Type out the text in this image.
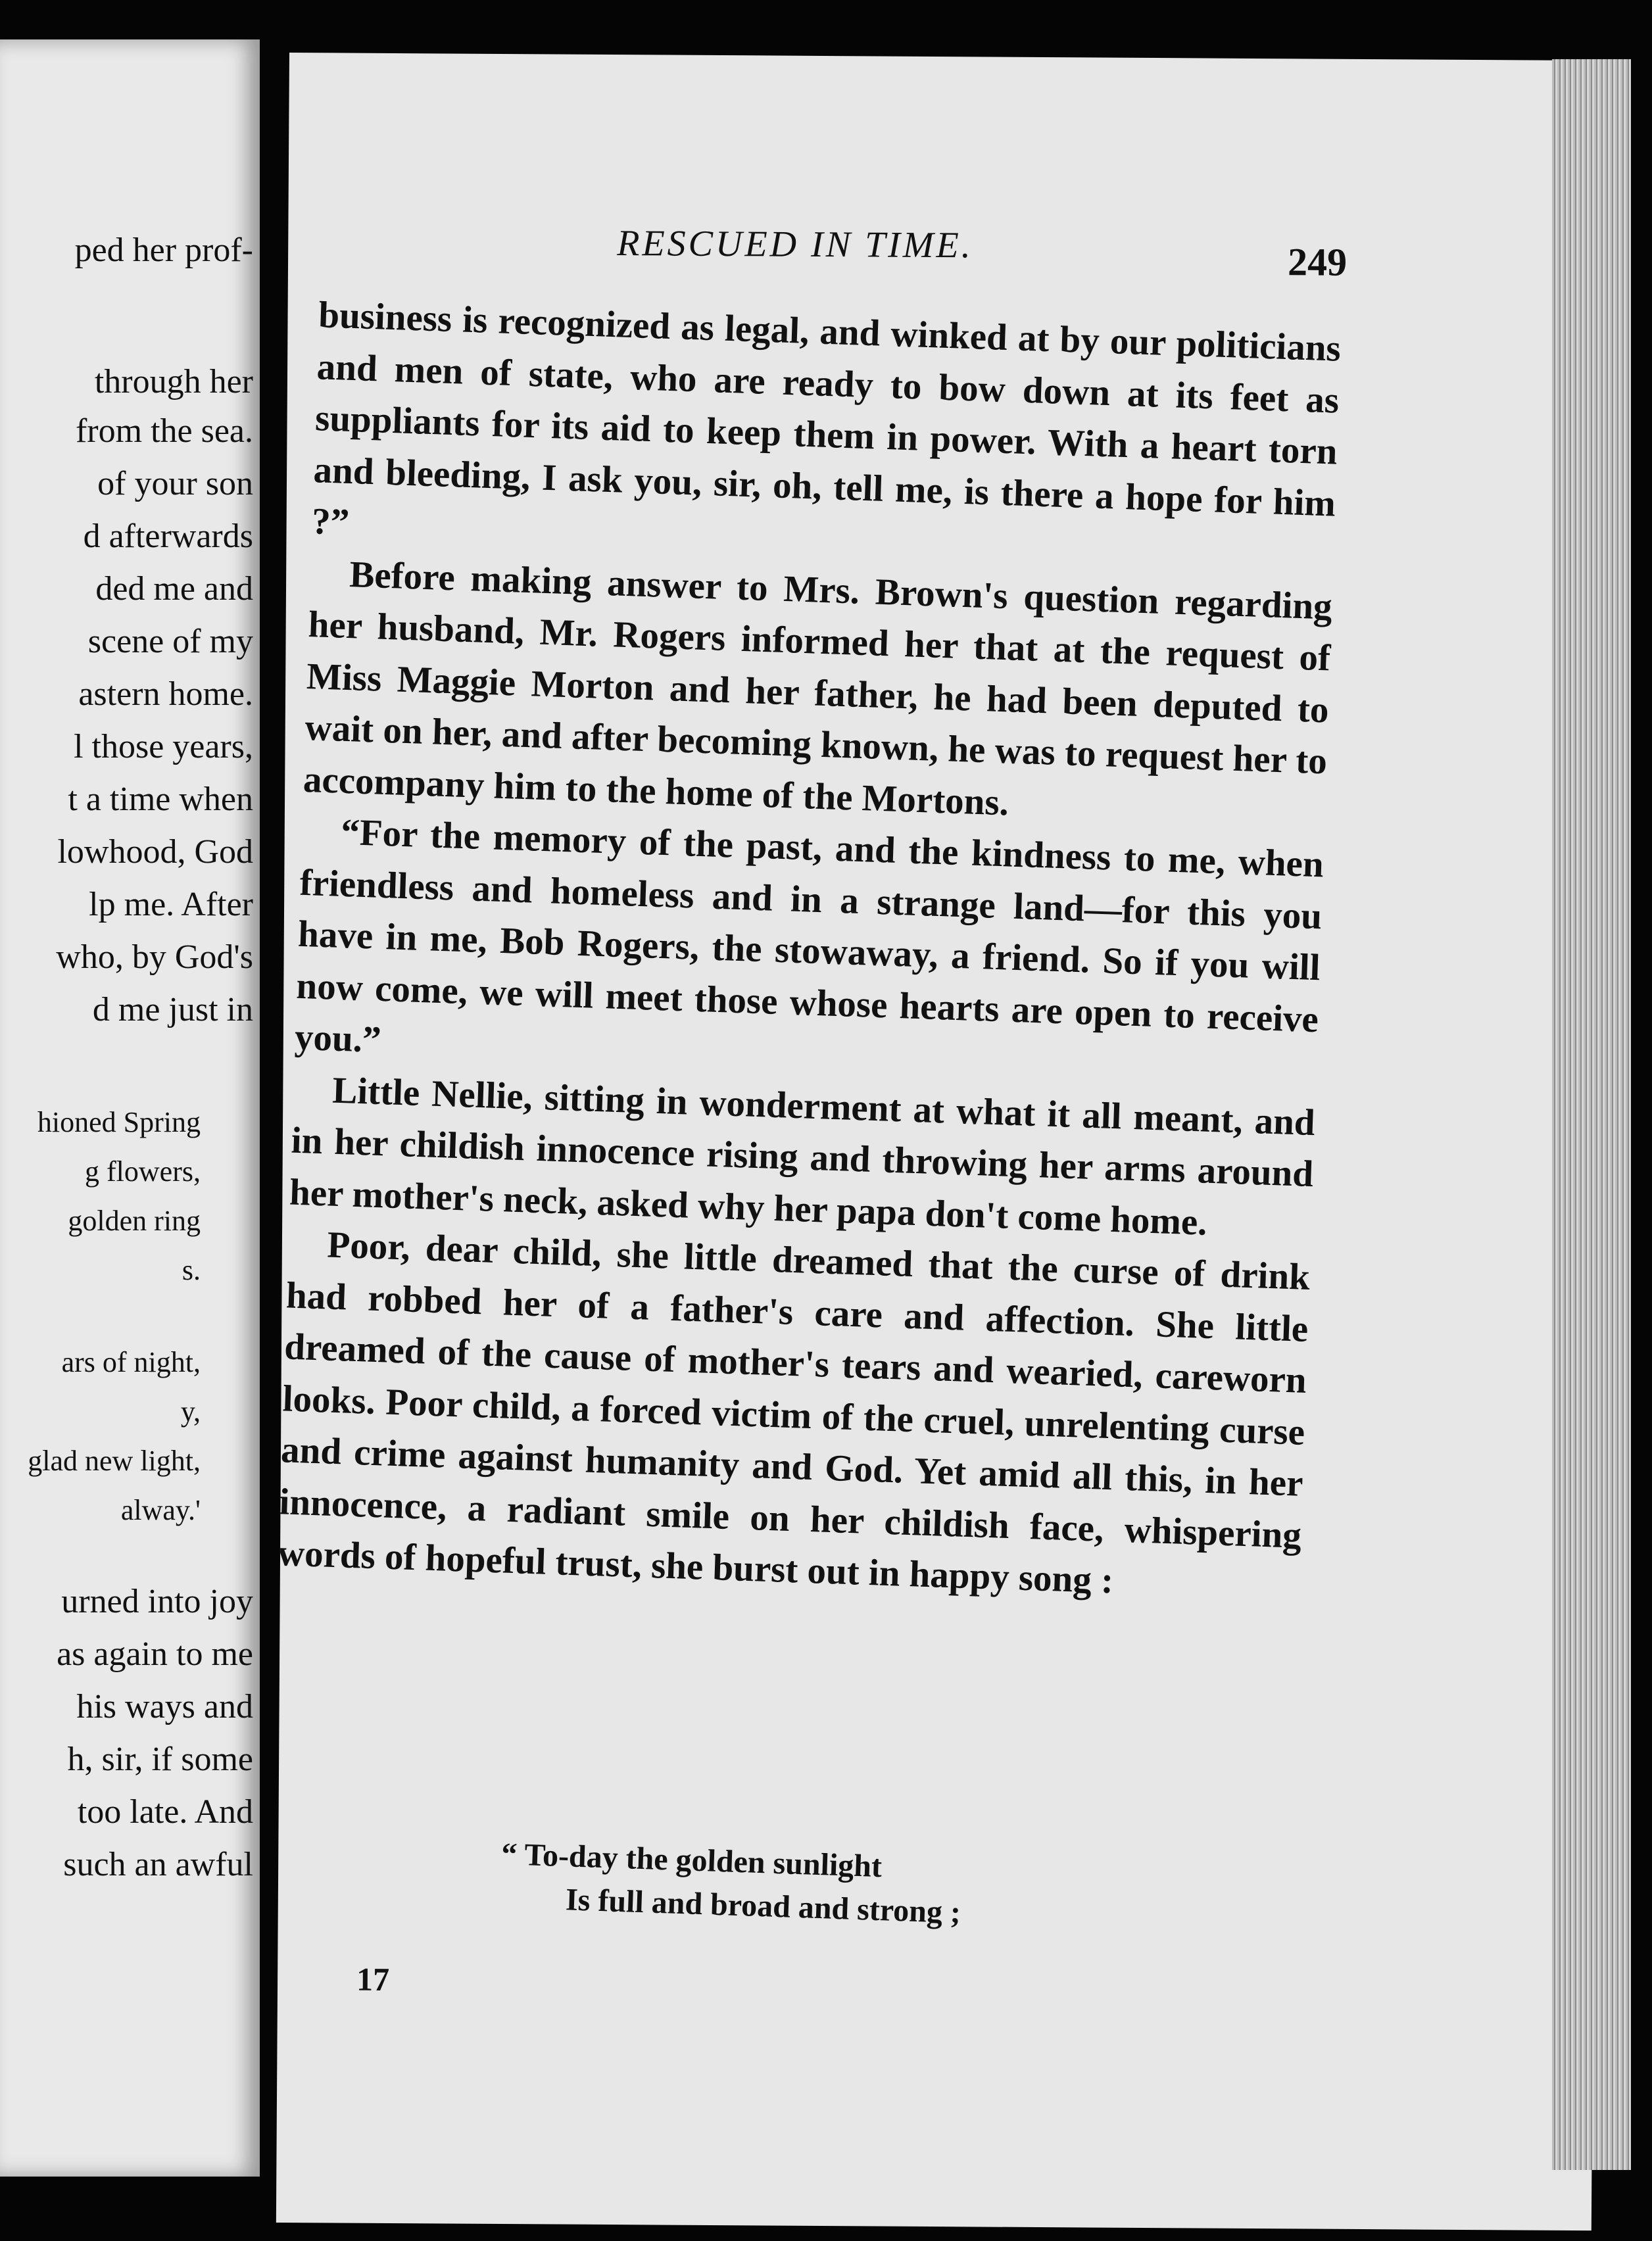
ped her prof-
through her
from the sea.
of your son
d afterwards
ded me and
scene of my
astern home.
l those years,
t a time when
lowhood, God
lp me. After
who, by God's
d me just in
hioned Spring
g flowers,
golden ring
s.
ars of night,
y,
glad new light,
alway.'
urned into joy
as again to me
his ways and
h, sir, if some
too late. And
such an awful
RESCUED IN TIME.	249

business is recognized as legal, and winked at by our politicians and men of state, who are ready to bow down at its feet as suppliants for its aid to keep them in power. With a heart torn and bleeding, I ask you, sir, oh, tell me, is there a hope for him ?”

Before making answer to Mrs. Brown's question regarding her husband, Mr. Rogers informed her that at the request of Miss Maggie Morton and her father, he had been deputed to wait on her, and after becoming known, he was to request her to accompany him to the home of the Mortons.

“For the memory of the past, and the kindness to me, when friendless and homeless and in a strange land—for this you have in me, Bob Rogers, the stowaway, a friend. So if you will now come, we will meet those whose hearts are open to receive you.”

Little Nellie, sitting in wonderment at what it all meant, and in her childish innocence rising and throwing her arms around her mother's neck, asked why her papa don't come home.

Poor, dear child, she little dreamed that the curse of drink had robbed her of a father's care and affection. She little dreamed of the cause of mother's tears and wearied, careworn looks. Poor child, a forced victim of the cruel, unrelenting curse and crime against humanity and God. Yet amid all this, in her innocence, a radiant smile on her childish face, whispering words of hopeful trust, she burst out in happy song :

“ To-day the golden sunlight
Is full and broad and strong ;
17
